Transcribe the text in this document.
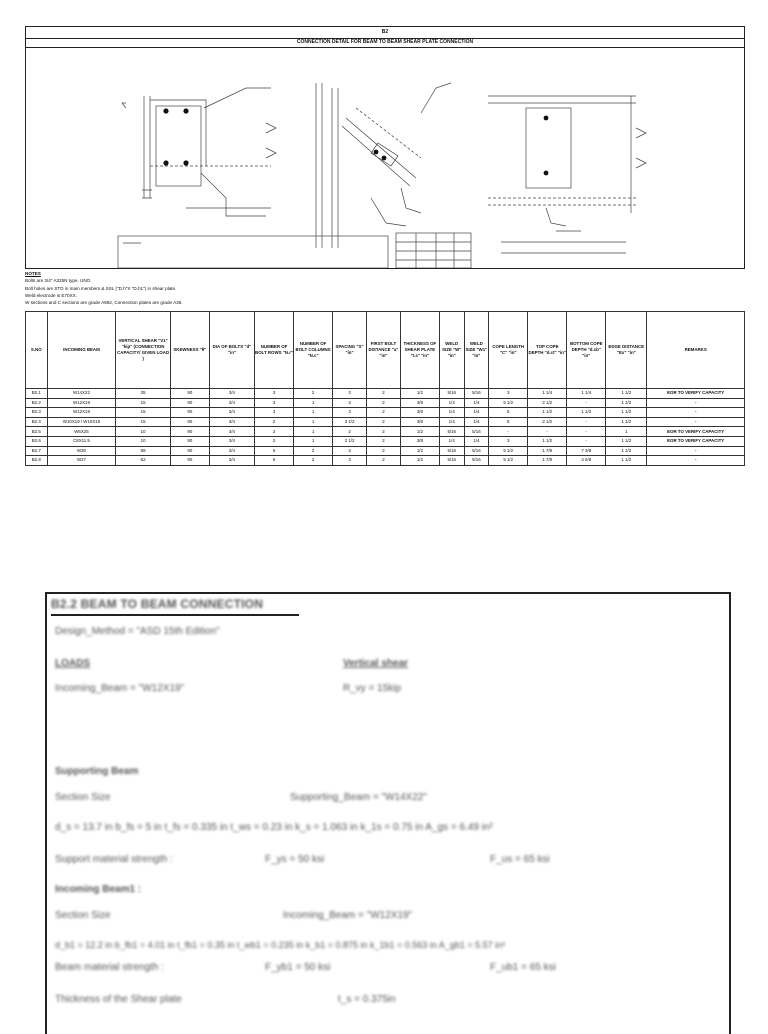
B2
CONNECTION DETAIL FOR BEAM TO BEAM SHEAR PLATE CONNECTION
NOTES
Bolts are 3/4" A325N type, UNO.
Bolt holes are STD in main members & SSL ("D.h"X "D.h1") in shear plate.
Weld electrode is E70XX.
W sections and C sections are grade A992, Connection plates are grade A36.
S.NO	INCOMING BEAM	VERTICAL SHEAR "V1" "kip" (CONNECTION CAPACITY/ GIVEN LOAD )	SKEWNESS "θ"	DIA OF BOLTS "d" "in"	NUMBER OF BOLT ROWS "N.r"	NUMBER OF BOLT COLUMNS "N.c"	SPACING "S" "in"	FIRST BOLT DISTANCE "a" "in"	THICKNESS OF SHEAR PLATE "t.s" "in"	WELD SIZE "W" "in"	WELD SIZE "W1" "in"	COPE LENGTH "C" "in"	TOP COPE DEPTH "d.ct" "in"	BOTTOM COPE DEPTH "d.cb" "in"	EDGE DISTANCE "Ex" "in"	REMARKS
B2.1	W14X22	35	90	3/4	3	2	3	2	1/2	5/16	5/16	3	1 1/4	1 1/4	1 1/2	EOR TO VERIFY CAPACITY
B2.2	W12X19	15	90	3/4	3	1	3	2	3/8	1/4	1/4	5 1/2	2 1/2	-	1 1/2	-
B2.3	W12X19	15	90	3/4	3	1	3	2	3/8	1/4	1/4	5	1 1/2	1 1/2	1 1/2	-
B2.4	W10X19 / W10X15	15	90	3/4	2	1	3 1/2	2	3/8	1/4	1/4	5	2 1/2	-	1 1/2	-
B2.5	W6X25	10	90	3/4	2	1	2	2	1/2	5/16	5/16	-	-	-	1	EOR TO VERIFY CAPACITY
B2.6	C8X11.5	10	90	3/4	2	1	2 1/2	2	3/8	1/4	1/4	3	1 1/2	-	1 1/2	EOR TO VERIFY CAPACITY
B2.7	W30	88	90	3/4	6	2	3	2	1/2	5/16	5/16	5 1/2	1 7/8	7 3/8	1 1/2	-
B2.8	W27	62	90	3/4	6	2	3	2	1/2	5/16	5/16	5 1/2	1 7/8	4 5/8	1 1/2	-
B2.2 BEAM TO BEAM CONNECTION
Design_Method = "ASD 15th Edition"
LOADS	Vertical shear
Incoming_Beam = "W12X19"	R_vy = 15kip
Supporting Beam
Section Size	Supporting_Beam = "W14X22"
d_s = 13.7 in b_fs = 5 in t_fs = 0.335 in t_ws = 0.23 in k_s = 1.063 in k_1s = 0.75 in A_gs = 6.49 in²
Support material strength :	F_ys = 50 ksi	F_us = 65 ksi
Incoming Beam1 :
Section Size	Incoming_Beam = "W12X19"
d_b1 = 12.2 in b_fb1 = 4.01 in t_fb1 = 0.35 in t_wb1 = 0.235 in k_b1 = 0.875 in k_1b1 = 0.563 in A_gb1 = 5.57 in²
Beam material strength :	F_yb1 = 50 ksi	F_ub1 = 65 ksi
Thickness of the Shear plate	t_s = 0.375in
